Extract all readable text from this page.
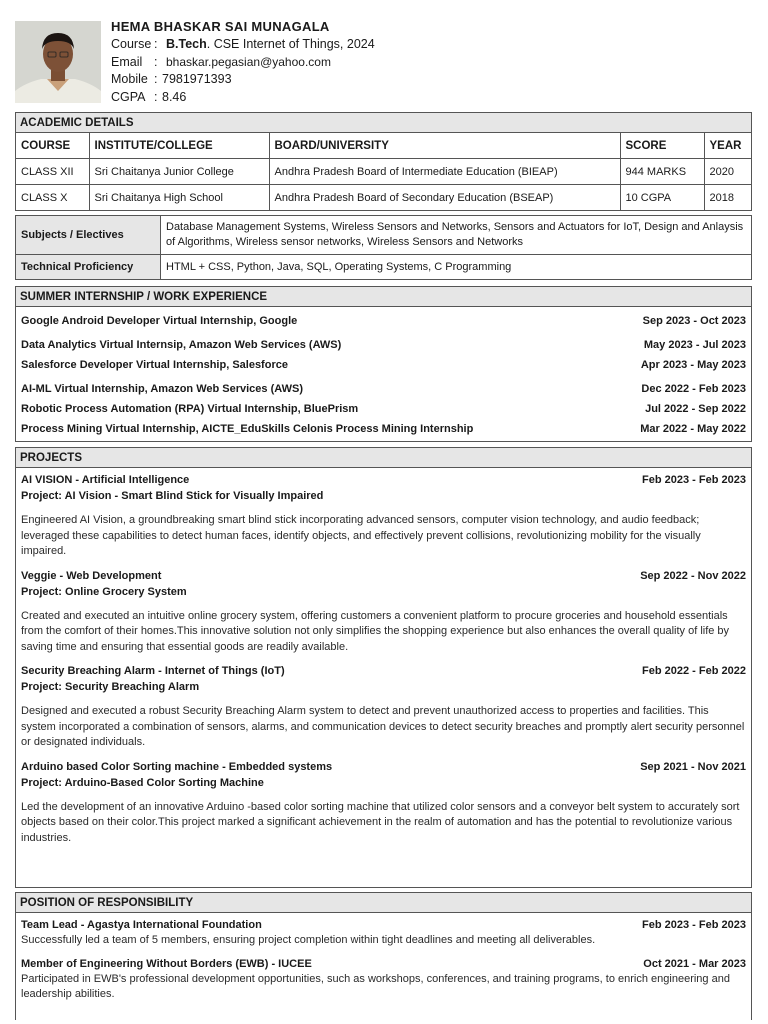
HEMA BHASKAR SAI MUNAGALA
Course : B.Tech. CSE Internet of Things, 2024
Email : bhaskar.pegasian@yahoo.com
Mobile : 7981971393
CGPA : 8.46
ACADEMIC DETAILS
COURSE	INSTITUTE/COLLEGE	BOARD/UNIVERSITY	SCORE	YEAR
CLASS XII	Sri Chaitanya Junior College	Andhra Pradesh Board of Intermediate Education (BIEAP)	944 MARKS	2020
CLASS X	Sri Chaitanya High School	Andhra Pradesh Board of Secondary Education (BSEAP)	10 CGPA	2018
Subjects / Electives	Database Management Systems, Wireless Sensors and Networks, Sensors and Actuators for IoT, Design and Anlaysis of Algorithms, Wireless sensor networks, Wireless Sensors and Networks
Technical Proficiency	HTML + CSS, Python, Java, SQL, Operating Systems, C Programming
SUMMER INTERNSHIP / WORK EXPERIENCE
Google Android Developer Virtual Internship, Google	Sep 2023 - Oct 2023
Data Analytics Virtual Internsip, Amazon Web Services (AWS)	May 2023 - Jul 2023
Salesforce Developer Virtual Internship, Salesforce	Apr 2023 - May 2023
AI-ML Virtual Internship, Amazon Web Services (AWS)	Dec 2022 - Feb 2023
Robotic Process Automation (RPA) Virtual Internship, BluePrism	Jul 2022 - Sep 2022
Process Mining Virtual Internship, AICTE_EduSkills Celonis Process Mining Internship	Mar 2022 - May 2022
PROJECTS
AI VISION - Artificial Intelligence	Feb 2023 - Feb 2023
Project: AI Vision - Smart Blind Stick for Visually Impaired
Engineered AI Vision, a groundbreaking smart blind stick incorporating advanced sensors, computer vision technology, and audio feedback; leveraged these capabilities to detect human faces, identify objects, and effectively prevent collisions, revolutionizing mobility for the visually impaired.
Veggie - Web Development	Sep 2022 - Nov 2022
Project: Online Grocery System
Created and executed an intuitive online grocery system, offering customers a convenient platform to procure groceries and household essentials from the comfort of their homes.This innovative solution not only simplifies the shopping experience but also enhances the overall quality of life by saving time and ensuring that essential goods are readily available.
Security Breaching Alarm - Internet of Things (IoT)	Feb 2022 - Feb 2022
Project: Security Breaching Alarm
Designed and executed a robust Security Breaching Alarm system to detect and prevent unauthorized access to properties and facilities. This system incorporated a combination of sensors, alarms, and communication devices to detect security breaches and promptly alert security personnel or designated individuals.
Arduino based Color Sorting machine - Embedded systems	Sep 2021 - Nov 2021
Project: Arduino-Based Color Sorting Machine
Led the development of an innovative Arduino -based color sorting machine that utilized color sensors and a conveyor belt system to accurately sort objects based on their color.This project marked a significant achievement in the realm of automation and has the potential to revolutionize various industries.
POSITION OF RESPONSIBILITY
Team Lead - Agastya International Foundation	Feb 2023 - Feb 2023
Successfully led a team of 5 members, ensuring project completion within tight deadlines and meeting all deliverables.
Member of Engineering Without Borders (EWB) - IUCEE	Oct 2021 - Mar 2023
Participated in EWB's professional development opportunities, such as workshops, conferences, and training programs, to enrich engineering and leadership abilities.
